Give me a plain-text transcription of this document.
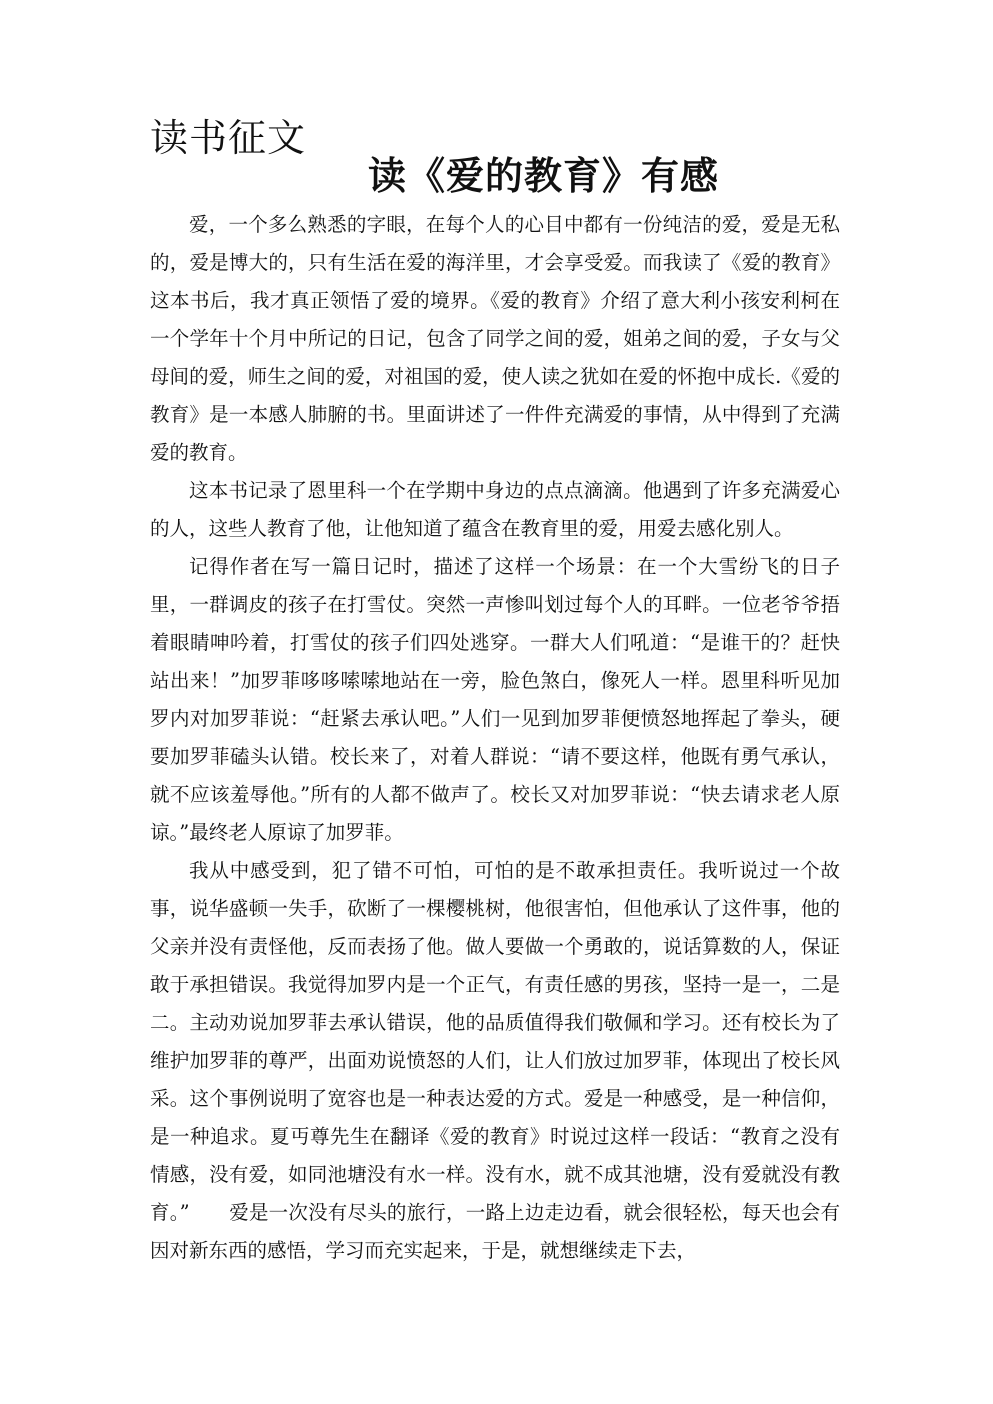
读书征文
读《爱的教育》有感

爱，一个多么熟悉的字眼，在每个人的心目中都有一份纯洁的爱，爱是无私的，爱是博大的，只有生活在爱的海洋里，才会享受爱。而我读了《爱的教育》这本书后，我才真正领悟了爱的境界。《爱的教育》介绍了意大利小孩安利柯在一个学年十个月中所记的日记，包含了同学之间的爱，姐弟之间的爱，子女与父母间的爱，师生之间的爱，对祖国的爱，使人读之犹如在爱的怀抱中成长.《爱的教育》是一本感人肺腑的书。里面讲述了一件件充满爱的事情，从中得到了充满爱的教育。

这本书记录了恩里科一个在学期中身边的点点滴滴。他遇到了许多充满爱心的人，这些人教育了他，让他知道了蕴含在教育里的爱，用爱去感化别人。

记得作者在写一篇日记时，描述了这样一个场景：在一个大雪纷飞的日子里，一群调皮的孩子在打雪仗。突然一声惨叫划过每个人的耳畔。一位老爷爷捂着眼睛呻吟着，打雪仗的孩子们四处逃穿。一群大人们吼道：“是谁干的？赶快站出来！”加罗菲哆哆嗦嗦地站在一旁，脸色煞白，像死人一样。恩里科听见加罗内对加罗菲说：“赶紧去承认吧。”人们一见到加罗菲便愤怒地挥起了拳头，硬要加罗菲磕头认错。校长来了，对着人群说：“请不要这样，他既有勇气承认，就不应该羞辱他。”所有的人都不做声了。校长又对加罗菲说：“快去请求老人原谅。”最终老人原谅了加罗菲。

我从中感受到，犯了错不可怕，可怕的是不敢承担责任。我听说过一个故事，说华盛顿一失手，砍断了一棵樱桃树，他很害怕，但他承认了这件事，他的父亲并没有责怪他，反而表扬了他。做人要做一个勇敢的，说话算数的人，保证敢于承担错误。我觉得加罗内是一个正气，有责任感的男孩，坚持一是一，二是二。主动劝说加罗菲去承认错误，他的品质值得我们敬佩和学习。还有校长为了维护加罗菲的尊严，出面劝说愤怒的人们，让人们放过加罗菲，体现出了校长风采。这个事例说明了宽容也是一种表达爱的方式。爱是一种感受，是一种信仰，是一种追求。夏丏尊先生在翻译《爱的教育》时说过这样一段话：“教育之没有情感，没有爱，如同池塘没有水一样。没有水，就不成其池塘，没有爱就没有教育。”　　爱是一次没有尽头的旅行，一路上边走边看，就会很轻松，每天也会有因对新东西的感悟，学习而充实起来，于是，就想继续走下去，
